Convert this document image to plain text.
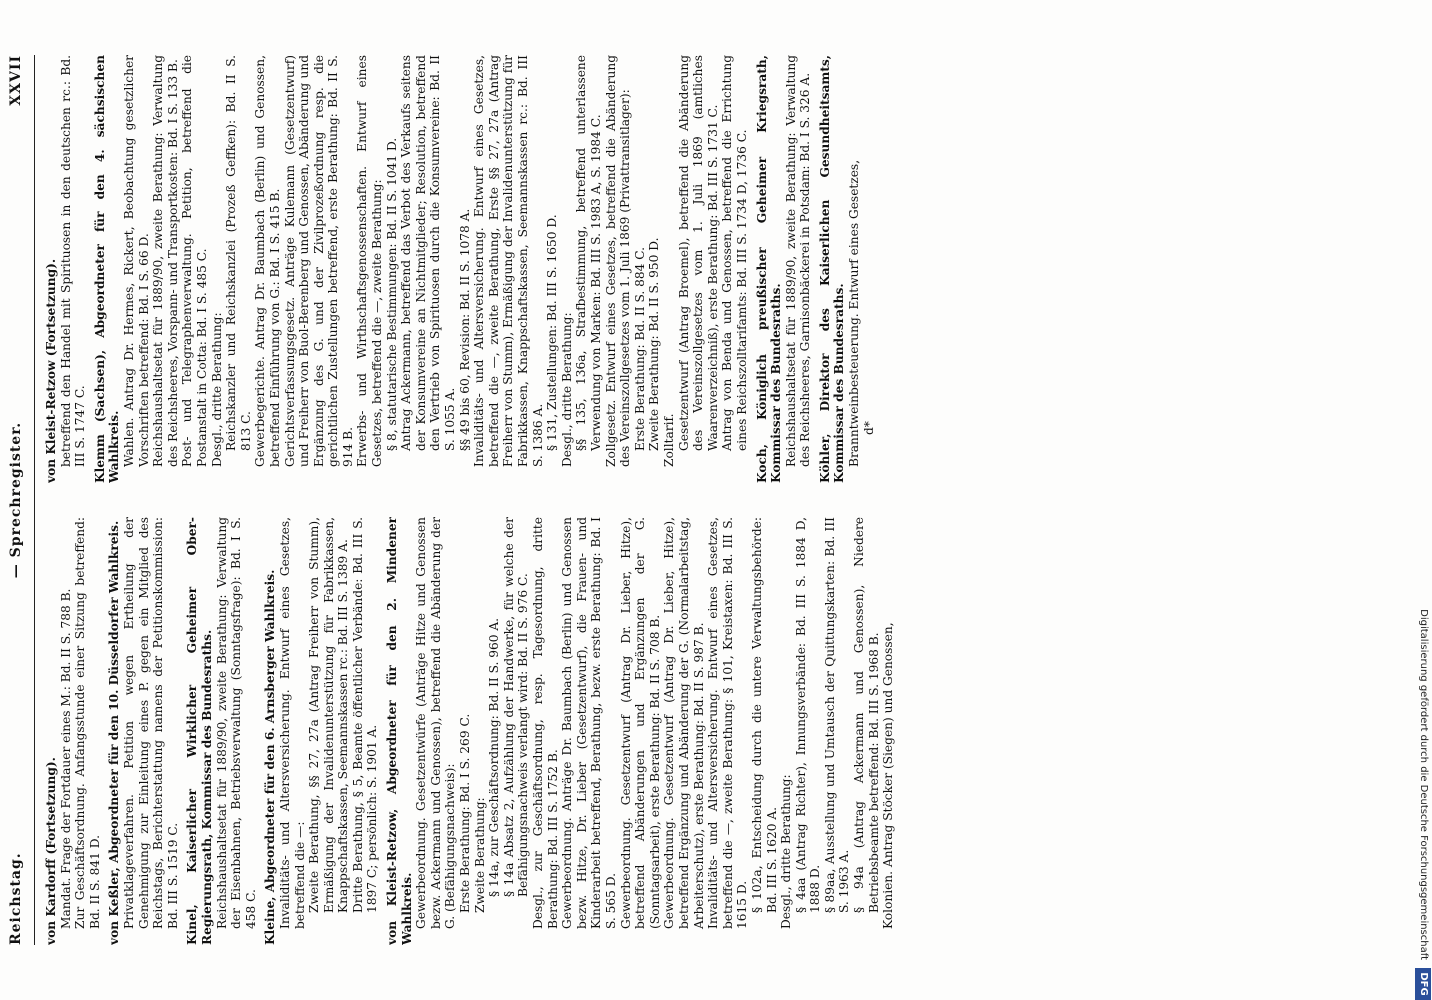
Reichstag.
— Sprechregister.
XXVII
von Kardorff (Fortsetzung). Mandat. Frage der Fortdauer eines M.: Bd. II S. 788 B. Zur Geschäftsordnung. Anfangsstunde einer Sitzung betreffend: Bd. II S. 841 D. von Keßler, Abgeordneter für den 10. Düsseldorfer Wahlkreis. Privatklageverfahren. Petition wegen Ertheilung der Genehmigung zur Einleitung eines P. gegen ein Mitglied des Reichstags, Berichterstattung namens der Petitionskommission: Bd. III S. 1519 C. Kinel, Kaiserlicher Wirklicher Geheimer Ober-Regierungsrath, Kommissar des Bundesraths. Reichshaushaltsetat für 1889/90, zweite Berathung: Verwaltung der Eisenbahnen, Betriebsverwaltung (Sonntagsfrage): Bd. I S. 458 C. Kleine, Abgeordneter für den 6. Arnsberger Wahlkreis. Invaliditäts- und Altersversicherung. Entwurf eines Gesetzes, betreffend die —: Zweite Berathung, §§ 27, 27a (Antrag Freiherr von Stumm), Ermäßigung der Invalidenunterstützung für Fabrikkassen, Knappschaftskassen, Seemannskassen rc.: Bd. III S. 1389 A. Dritte Berathung, § 5, Beamte öffentlicher Verbände: Bd. III S. 1897 C; persönlich: S. 1901 A. von Kleist-Retzow, Abgeordneter für den 2. Mindener Wahlkreis. Gewerbeordnung. Gesetzentwürfe (Anträge Hitze und Genossen bezw. Ackermann und Genossen), betreffend die Abänderung der G. (Befähigungsnachweis): Erste Berathung: Bd. I S. 269 C. Zweite Berathung: § 14a, zur Geschäftsordnung: Bd. II S. 960 A. § 14a Absatz 2, Aufzählung der Handwerke, für welche der Befähigungsnachweis verlangt wird: Bd. II S. 976 C. Desgl., zur Geschäftsordnung, resp. Tagesordnung, dritte Berathung: Bd. III S. 1752 B. Gewerbeordnung. Anträge Dr. Baumbach (Berlin) und Genossen bezw. Hitze, Dr. Lieber (Gesetzentwurf), die Frauen- und Kinderarbeit betreffend, Berathung, bezw. erste Berathung: Bd. I S. 565 D. Gewerbeordnung. Gesetzentwurf (Antrag Dr. Lieber, Hitze), betreffend Abänderungen und Ergänzungen der G. (Sonntagsarbeit), erste Berathung: Bd. II S. 708 B. Gewerbeordnung. Gesetzentwurf (Antrag Dr. Lieber, Hitze), betreffend Ergänzung und Abänderung der G. (Normalarbeitstag, Arbeiterschutz), erste Berathung: Bd. II S. 987 B. Invaliditäts- und Altersversicherung. Entwurf eines Gesetzes, betreffend die —, zweite Berathung: § 101, Kreistaxen: Bd. III S. 1615 D. § 102a, Entscheidung durch die untere Verwaltungsbehörde: Bd. III S. 1620 A. Desgl., dritte Berathung: § 4aa (Antrag Richter), Innungsverbände: Bd. III S. 1884 D, 1888 D. § 89aa, Ausstellung und Umtausch der Quittungskarten: Bd. III S. 1963 A. § 94a (Antrag Ackermann und Genossen), Niedere Betriebsbeamte betreffend: Bd. III S. 1968 B. Kolonien. Antrag Stöcker (Siegen) und Genossen,
von Kleist-Retzow (Fortsetzung). betreffend den Handel mit Spirituosen in den deutschen rc.: Bd. III S. 1747 C. Klemm (Sachsen), Abgeordneter für den 4. sächsischen Wahlkreis. Wahlen. Antrag Dr. Hermes, Rickert, Beobachtung gesetzlicher Vorschriften betreffend: Bd. I S. 66 D. Reichshaushaltsetat für 1889/90, zweite Berathung: Verwaltung des Reichsheeres, Vorspann- und Transportkosten: Bd. I S. 133 B. Post- und Telegraphenverwaltung. Petition, betreffend die Postanstalt in Cotta: Bd. I S. 485 C. Desgl., dritte Berathung: Reichskanzler und Reichskanzlei (Prozeß Geffken): Bd. II S. 813 C. Gewerbegerichte. Antrag Dr. Baumbach (Berlin) und Genossen, betreffend Einführung von G.: Bd. I S. 415 B. Gerichtsverfassungsgesetz. Anträge Kulemann (Gesetzentwurf) und Freiherr von Buol-Berenberg und Genossen, Abänderung und Ergänzung des G. und der Zivilprozeßordnung resp. die gerichtlichen Zustellungen betreffend, erste Berathung: Bd. II S. 914 B. Erwerbs- und Wirthschaftsgenossenschaften. Entwurf eines Gesetzes, betreffend die —, zweite Berathung: § 8, statutarische Bestimmungen: Bd. II S. 1041 D. Antrag Ackermann, betreffend das Verbot des Verkaufs seitens der Konsumvereine an Nichtmitglieder; Resolution, betreffend den Vertrieb von Spirituosen durch die Konsumvereine: Bd. II S. 1055 A. §§ 49 bis 60, Revision: Bd. II S. 1078 A. Invaliditäts- und Altersversicherung. Entwurf eines Gesetzes, betreffend die —, zweite Berathung, Erste §§ 27, 27a (Antrag Freiherr von Stumm), Ermäßigung der Invalidenunterstützung für Fabrikkassen, Knappschaftskassen, Seemannskassen rc.: Bd. III S. 1386 A. § 131, Zustellungen: Bd. III S. 1650 D. Desgl., dritte Berathung: §§ 135, 136a, Strafbestimmung, betreffend unterlassene Verwendung von Marken: Bd. III S. 1983 A, S. 1984 C. Zollgesetz. Entwurf eines Gesetzes, betreffend die Abänderung des Vereinszollgesetzes vom 1. Juli 1869 (Privattransitlager): Erste Berathung: Bd. II S. 884 C. Zweite Berathung: Bd. II S. 950 D. Zolltarif. Gesetzentwurf (Antrag Broemel), betreffend die Abänderung des Vereinszollgesetzes vom 1. Juli 1869 (amtliches Waarenverzeichniß), erste Berathung: Bd. III S. 1731 C. Antrag von Benda und Genossen, betreffend die Errichtung eines Reichszolltarifamts: Bd. III S. 1734 D, 1736 C. Koch, Königlich preußischer Geheimer Kriegsrath, Kommissar des Bundesraths. Reichshaushaltsetat für 1889/90, zweite Berathung: Verwaltung des Reichsheeres, Garnisonbäckerei in Potsdam: Bd. I S. 326 A. Köhler, Direktor des Kaiserlichen Gesundheitsamts, Kommissar des Bundesraths. Branntweinbesteuerung. Entwurf eines Gesetzes, d*
Digitalisierung gefördert durch die Deutsche Forschungsgemeinschaft
DFG
